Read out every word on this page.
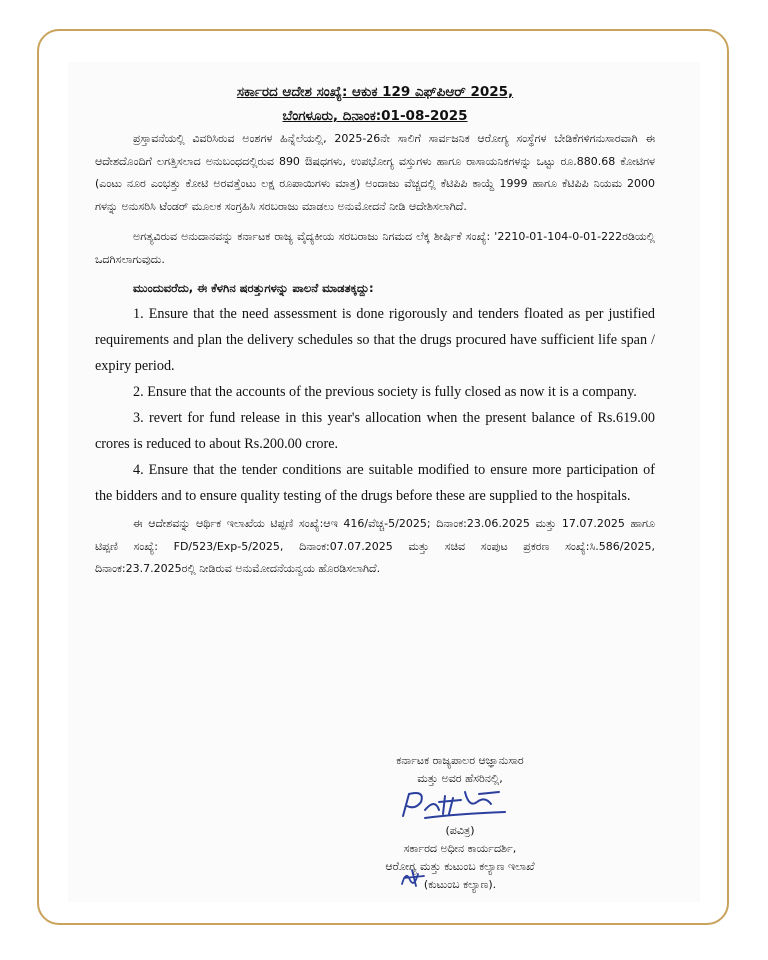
ಸರ್ಕಾರದ ಆದೇಶ ಸಂಖ್ಯೆ: ಆಕುಕ 129 ಎಫ್‌ಪಿಆರ್ 2025,

ಬೆಂಗಳೂರು, ದಿನಾಂಕ:01-08-2025

ಪ್ರಸ್ತಾವನೆಯಲ್ಲಿ ವಿವರಿಸಿರುವ ಅಂಶಗಳ ಹಿನ್ನೆಲೆಯಲ್ಲಿ, 2025-26ನೇ ಸಾಲಿಗೆ ಸಾರ್ವಜನಿಕ ಆರೋಗ್ಯ ಸಂಸ್ಥೆಗಳ ಬೇಡಿಕೆಗಳಿಗನುಸಾರವಾಗಿ ಈ ಆದೇಶದೊಂದಿಗೆ ಲಗತ್ತಿಸಲಾದ ಅನುಬಂಧದಲ್ಲಿರುವ 890 ಔಷಧಗಳು, ಉಪಭೋಗ್ಯ ವಸ್ತುಗಳು ಹಾಗೂ ರಾಸಾಯನಿಕಗಳನ್ನು ಒಟ್ಟು ರೂ.880.68 ಕೋಟಿಗಳ (ಎಂಟು ನೂರ ಎಂಭತ್ತು ಕೋಟಿ ಅರವತ್ತೆಂಟು ಲಕ್ಷ ರೂಪಾಯಿಗಳು ಮಾತ್ರ) ಅಂದಾಜು ವೆಚ್ಚದಲ್ಲಿ ಕೆಟಿಪಿಪಿ ಕಾಯ್ದೆ 1999 ಹಾಗೂ ಕೆಟಿಪಿಪಿ ನಿಯಮ 2000 ಗಳನ್ನು ಅನುಸರಿಸಿ ಟೆಂಡರ್ ಮೂಲಕ ಸಂಗ್ರಹಿಸಿ ಸರಬರಾಜು ಮಾಡಲು ಅನುಮೋದನೆ ನೀಡಿ ಆದೇಶಿಸಲಾಗಿದೆ.

ಅಗತ್ಯವಿರುವ ಅನುದಾನವನ್ನು ಕರ್ನಾಟಕ ರಾಜ್ಯ ವೈದ್ಯಕೀಯ ಸರಬರಾಜು ನಿಗಮದ ಲೆಕ್ಕ ಶೀರ್ಷಿಕೆ ಸಂಖ್ಯೆ: '2210-01-104-0-01-222ರಡಿಯಲ್ಲಿ ಒದಗಿಸಲಾಗುವುದು.

ಮುಂದುವರೆದು, ಈ ಕೆಳಗಿನ ಷರತ್ತುಗಳನ್ನು ಪಾಲನೆ ಮಾಡತಕ್ಕದ್ದು:

1. Ensure that the need assessment is done rigorously and tenders floated as per justified requirements and plan the delivery schedules so that the drugs procured have sufficient life span / expiry period.

2. Ensure that the accounts of the previous society is fully closed as now it is a company.

3. revert for fund release in this year's allocation when the present balance of Rs.619.00 crores is reduced to about Rs.200.00 crore.

4. Ensure that the tender conditions are suitable modified to ensure more participation of the bidders and to ensure quality testing of the drugs before these are supplied to the hospitals.

ಈ ಆದೇಶವನ್ನು ಆರ್ಥಿಕ ಇಲಾಖೆಯ ಟಿಪ್ಪಣಿ ಸಂಖ್ಯೆ:ಆಇ 416/ವೆಚ್ಚ-5/2025; ದಿನಾಂಕ:23.06.2025 ಮತ್ತು 17.07.2025 ಹಾಗೂ ಟಿಪ್ಪಣಿ ಸಂಖ್ಯೆ: FD/523/Exp-5/2025, ದಿನಾಂಕ:07.07.2025 ಮತ್ತು ಸಚಿವ ಸಂಪುಟ ಪ್ರಕರಣ ಸಂಖ್ಯೆ:ಸಿ.586/2025, ದಿನಾಂಕ:23.7.2025ರಲ್ಲಿ ನೀಡಿರುವ ಅನುಮೋದನೆಯನ್ವಯ ಹೊರಡಿಸಲಾಗಿದೆ.

ಕರ್ನಾಟಕ ರಾಜ್ಯಪಾಲರ ಆಜ್ಞಾನುಸಾರ

ಮತ್ತು ಅವರ ಹೆಸರಿನಲ್ಲಿ,

(ಪವಿತ್ರ)

ಸರ್ಕಾರದ ಅಧೀನ ಕಾರ್ಯದರ್ಶಿ,

ಆರೋಗ್ಯ ಮತ್ತು ಕುಟುಂಬ ಕಲ್ಯಾಣ ಇಲಾಖೆ

(ಕುಟುಂಬ ಕಲ್ಯಾಣ).
